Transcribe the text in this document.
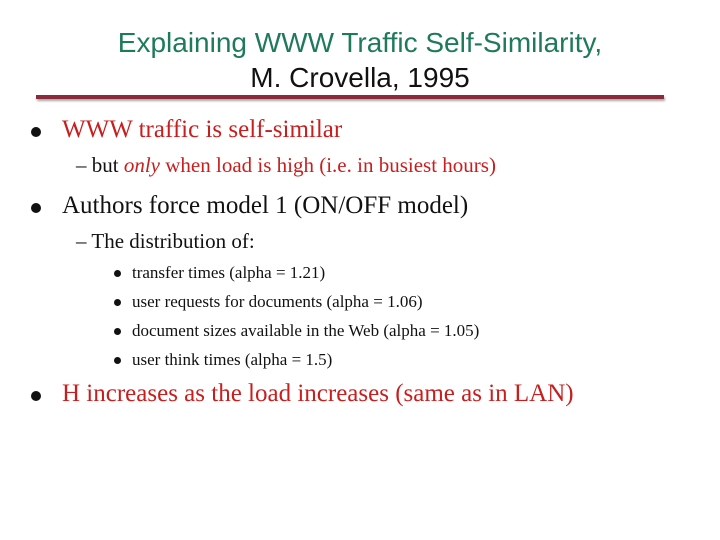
Explaining WWW Traffic Self-Similarity,
M. Crovella, 1995
WWW traffic is self-similar
– but only when load is high (i.e. in busiest hours)
Authors force model 1 (ON/OFF model)
– The distribution of:
transfer times (alpha = 1.21)
user requests for documents (alpha = 1.06)
document sizes available in the Web (alpha = 1.05)
user think times (alpha = 1.5)
H increases as the load increases (same as in LAN)
